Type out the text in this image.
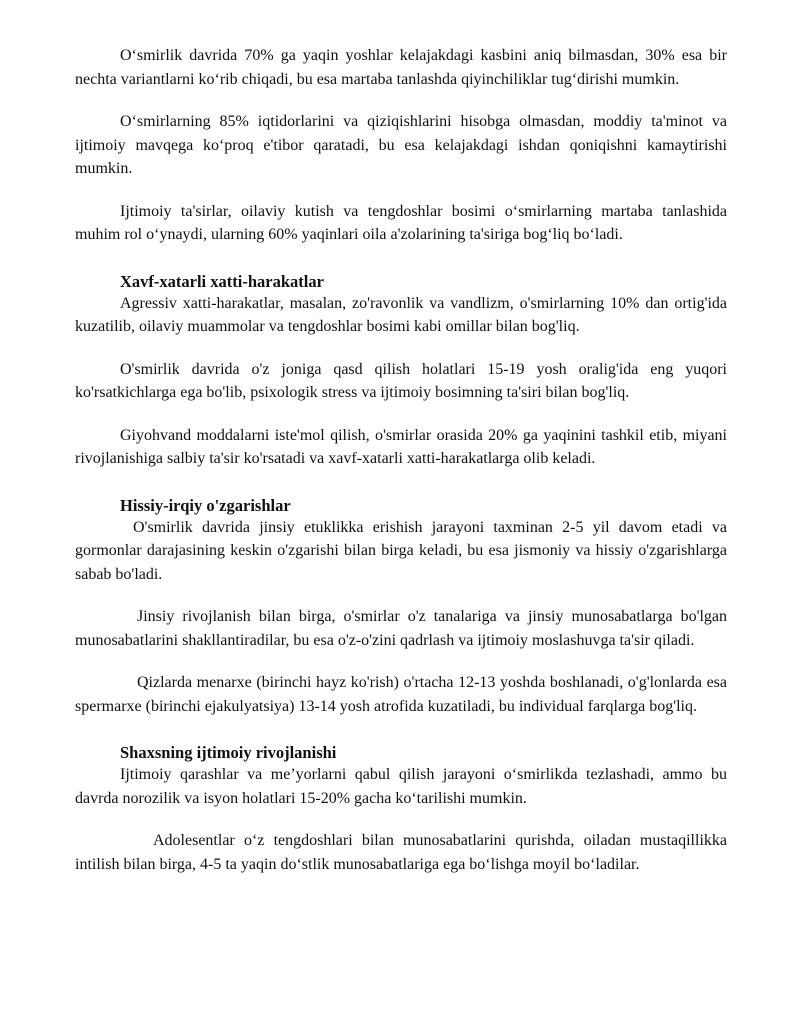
O‘smirlik davrida 70% ga yaqin yoshlar kelajakdagi kasbini aniq bilmasdan, 30% esa bir nechta variantlarni ko‘rib chiqadi, bu esa martaba tanlashda qiyinchiliklar tug‘dirishi mumkin.

O‘smirlarning 85% iqtidorlarini va qiziqishlarini hisobga olmasdan, moddiy ta'minot va ijtimoiy mavqega ko‘proq e'tibor qaratadi, bu esa kelajakdagi ishdan qoniqishni kamaytirishi mumkin.

Ijtimoiy ta'sirlar, oilaviy kutish va tengdoshlar bosimi o‘smirlarning martaba tanlashida muhim rol o‘ynaydi, ularning 60% yaqinlari oila a'zolarining ta'siriga bog‘liq bo‘ladi.

Xavf-xatarli xatti-harakatlar

Agressiv xatti-harakatlar, masalan, zo'ravonlik va vandlizm, o'smirlarning 10% dan ortig'ida kuzatilib, oilaviy muammolar va tengdoshlar bosimi kabi omillar bilan bog'liq.

O'smirlik davrida o'z joniga qasd qilish holatlari 15-19 yosh oralig'ida eng yuqori ko'rsatkichlarga ega bo'lib, psixologik stress va ijtimoiy bosimning ta'siri bilan bog'liq.

Giyohvand moddalarni iste'mol qilish, o'smirlar orasida 20% ga yaqinini tashkil etib, miyani rivojlanishiga salbiy ta'sir ko'rsatadi va xavf-xatarli xatti-harakatlarga olib keladi.

Hissiy-irqiy o'zgarishlar

O'smirlik davrida jinsiy etuklikka erishish jarayoni taxminan 2-5 yil davom etadi va gormonlar darajasining keskin o'zgarishi bilan birga keladi, bu esa jismoniy va hissiy o'zgarishlarga sabab bo'ladi.

Jinsiy rivojlanish bilan birga, o'smirlar o'z tanalariga va jinsiy munosabatlarga bo'lgan munosabatlarini shakllantiradilar, bu esa o'z-o'zini qadrlash va ijtimoiy moslashuvga ta'sir qiladi.

Qizlarda menarxe (birinchi hayz ko'rish) o'rtacha 12-13 yoshda boshlanadi, o'g'lonlarda esa spermarxe (birinchi ejakulyatsiya) 13-14 yosh atrofida kuzatiladi, bu individual farqlarga bog'liq.

Shaxsning ijtimoiy rivojlanishi

Ijtimoiy qarashlar va me’yorlarni qabul qilish jarayoni o‘smirlikda tezlashadi, ammo bu davrda norozilik va isyon holatlari 15-20% gacha ko‘tarilishi mumkin.

Adolesentlar o‘z tengdoshlari bilan munosabatlarini qurishda, oiladan mustaqillikka intilish bilan birga, 4-5 ta yaqin do‘stlik munosabatlariga ega bo‘lishga moyil bo‘ladilar.
